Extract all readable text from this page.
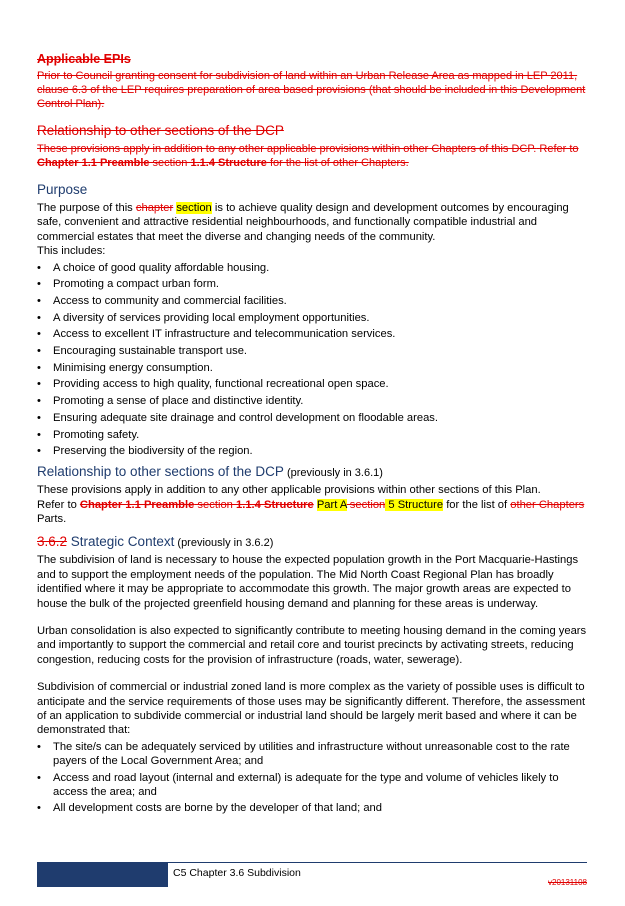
Applicable EPIs
Prior to Council granting consent for subdivision of land within an Urban Release Area as mapped in LEP 2011, clause 6.3 of the LEP requires preparation of area based provisions (that should be included in this Development Control Plan).
Relationship to other sections of the DCP
These provisions apply in addition to any other applicable provisions within other Chapters of this DCP. Refer to Chapter 1.1 Preamble section 1.1.4 Structure for the list of other Chapters.
Purpose

The purpose of this chapter section is to achieve quality design and development outcomes by encouraging safe, convenient and attractive residential neighbourhoods, and functionally compatible industrial and commercial estates that meet the diverse and changing needs of the community.
This includes:

• A choice of good quality affordable housing.
• Promoting a compact urban form.
• Access to community and commercial facilities.
• A diversity of services providing local employment opportunities.
• Access to excellent IT infrastructure and telecommunication services.
• Encouraging sustainable transport use.
• Minimising energy consumption.
• Providing access to high quality, functional recreational open space.
• Promoting a sense of place and distinctive identity.
• Ensuring adequate site drainage and control development on floodable areas.
• Promoting safety.
• Preserving the biodiversity of the region.
Relationship to other sections of the DCP (previously in 3.6.1)

These provisions apply in addition to any other applicable provisions within other sections of this Plan.
Refer to Chapter 1.1 Preamble section 1.1.4 Structure Part A section 5 Structure for the list of other Chapters Parts.

3.6.2 Strategic Context (previously in 3.6.2)

The subdivision of land is necessary to house the expected population growth in the Port Macquarie-Hastings and to support the employment needs of the population. The Mid North Coast Regional Plan has broadly identified where it may be appropriate to accommodate this growth. The major growth areas are expected to house the bulk of the projected greenfield housing demand and planning for these areas is underway.

Urban consolidation is also expected to significantly contribute to meeting housing demand in the coming years and importantly to support the commercial and retail core and tourist precincts by activating streets, reducing congestion, reducing costs for the provision of infrastructure (roads, water, sewerage).

Subdivision of commercial or industrial zoned land is more complex as the variety of possible uses is difficult to anticipate and the service requirements of those uses may be significantly different. Therefore, the assessment of an application to subdivide commercial or industrial land should be largely merit based and where it can be demonstrated that:

• The site/s can be adequately serviced by utilities and infrastructure without unreasonable cost to the rate payers of the Local Government Area; and
• Access and road layout (internal and external) is adequate for the type and volume of vehicles likely to access the area; and
• All development costs are borne by the developer of that land; and
C5 Chapter 3.6 Subdivision
v20131108
